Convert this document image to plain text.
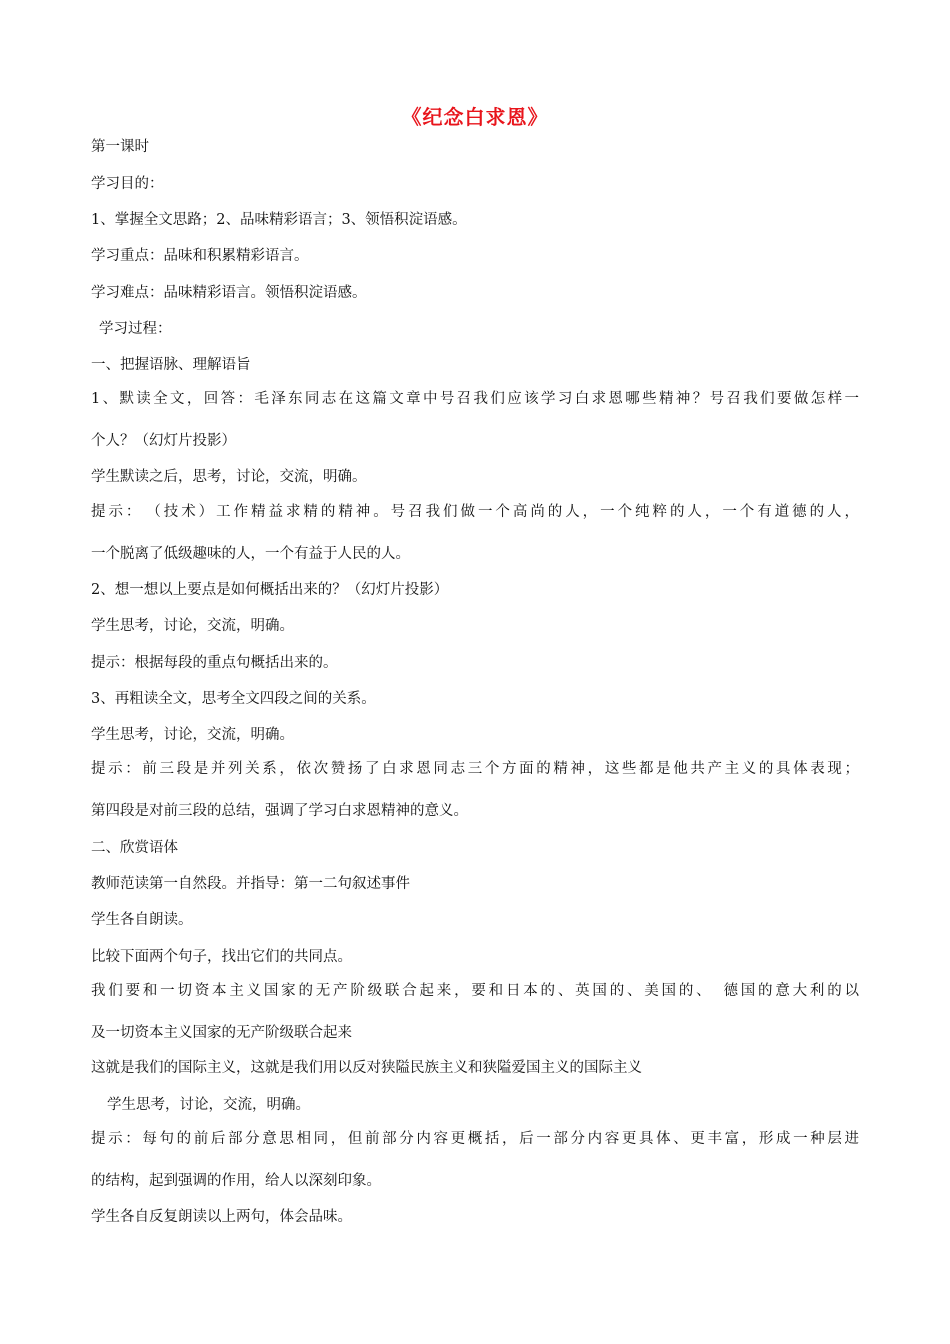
《纪念白求恩》
第一课时
学习目的：
1、掌握全文思路；2、品味精彩语言；3、领悟积淀语感。
学习重点：品味和积累精彩语言。
学习难点：品味精彩语言。领悟积淀语感。
学习过程：
一、把握语脉、理解语旨
1、默读全文，回答：毛泽东同志在这篇文章中号召我们应该学习白求恩哪些精神？号召我们要做怎样一
个人？（幻灯片投影）
学生默读之后，思考，讨论，交流，明确。
提示：　（技术）工作精益求精的精神。号召我们做一个高尚的人，一个纯粹的人，一个有道德的人，
一个脱离了低级趣味的人，一个有益于人民的人。
2、想一想以上要点是如何概括出来的？（幻灯片投影）
学生思考，讨论，交流，明确。
提示：根据每段的重点句概括出来的。
3、再粗读全文，思考全文四段之间的关系。
学生思考，讨论，交流，明确。
提示：前三段是并列关系，依次赞扬了白求恩同志三个方面的精神，这些都是他共产主义的具体表现；
第四段是对前三段的总结，强调了学习白求恩精神的意义。
二、欣赏语体
教师范读第一自然段。并指导：第一二句叙述事件
学生各自朗读。
比较下面两个句子，找出它们的共同点。
我们要和一切资本主义国家的无产阶级联合起来，要和日本的、英国的、美国的、　德国的意大利的以
及一切资本主义国家的无产阶级联合起来
这就是我们的国际主义，这就是我们用以反对狭隘民族主义和狭隘爱国主义的国际主义
学生思考，讨论，交流，明确。
提示：每句的前后部分意思相同，但前部分内容更概括，后一部分内容更具体、更丰富，形成一种层进
的结构，起到强调的作用，给人以深刻印象。
学生各自反复朗读以上两句，体会品味。
